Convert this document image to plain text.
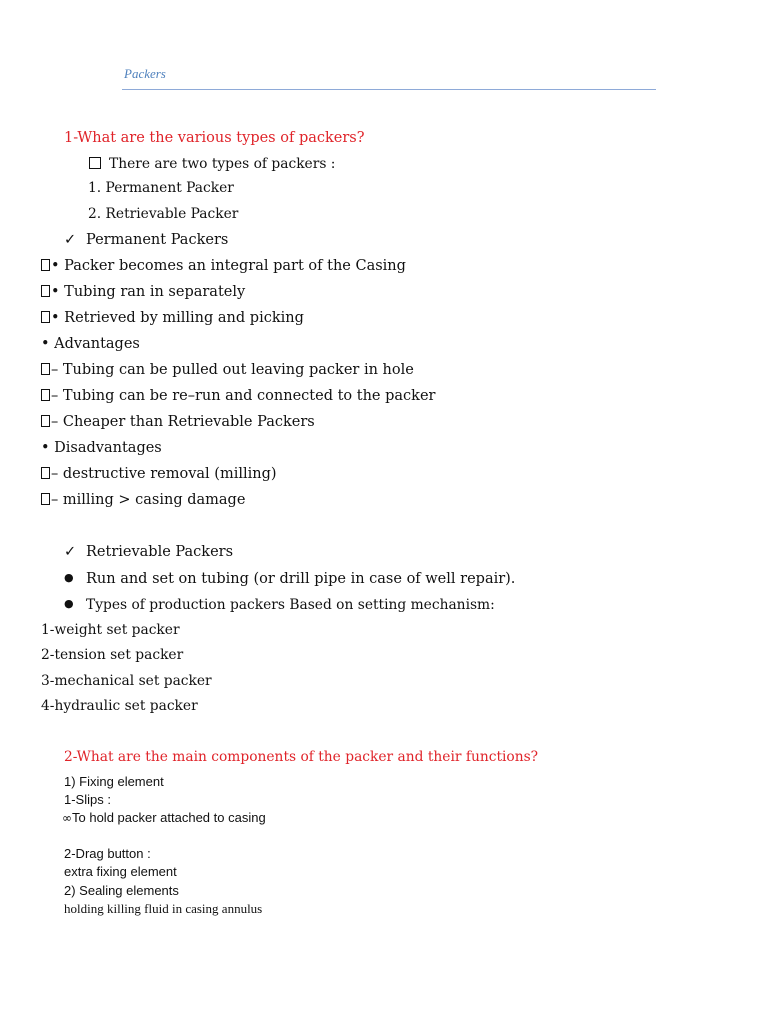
Packers
1-What are the various types of packers?
There are two types of packers :
1. Permanent Packer
2. Retrievable Packer
✓ Permanent Packers
• Packer becomes an integral part of the Casing
• Tubing ran in separately
• Retrieved by milling and picking
• Advantages
– Tubing can be pulled out leaving packer in hole
– Tubing can be re–run and connected to the packer
– Cheaper than Retrievable Packers
• Disadvantages
– destructive removal (milling)
– milling > casing damage
✓ Retrievable Packers
● Run and set on tubing (or drill pipe in case of well repair).
● Types of production packers Based on setting mechanism:
1-weight set packer
2-tension set packer
3-mechanical set packer
4-hydraulic set packer
2-What are the main components of the packer and their functions?
1) Fixing element
1-Slips :
∞To hold packer attached to casing
2-Drag button :
extra fixing element
2) Sealing elements
holding killing fluid in casing annulus
